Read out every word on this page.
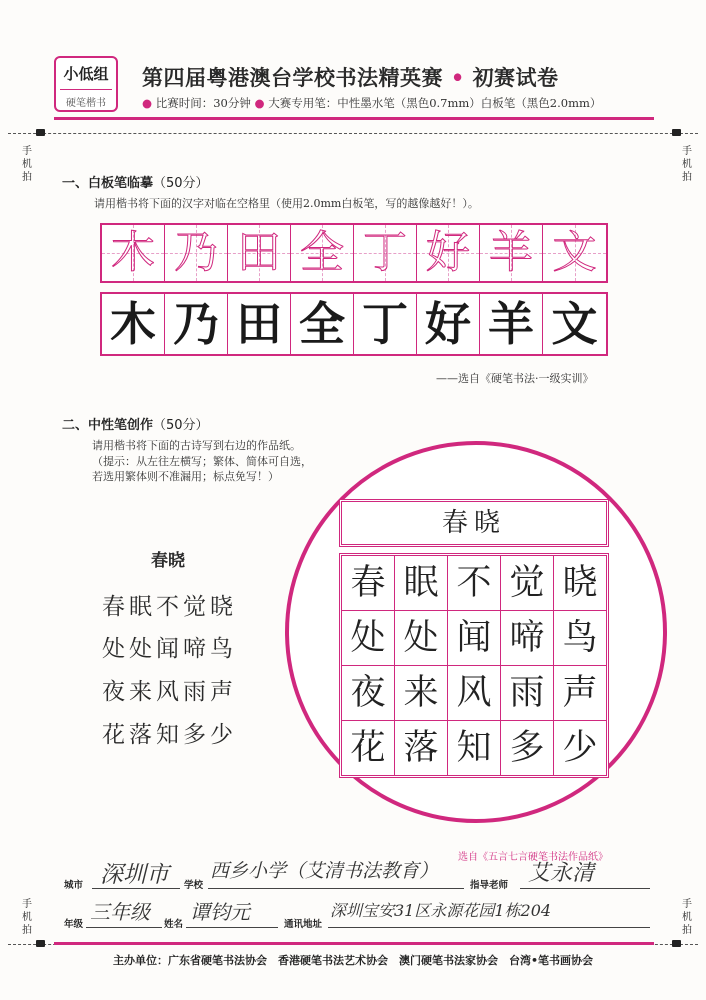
小低组
硬笔楷书
第四届粤港澳台学校书法精英赛 • 初赛试卷
● 比赛时间：30分钟 ● 大赛专用笔：中性墨水笔（黑色0.7mm）白板笔（黑色2.0mm）
手
机
拍
手
机
拍
手
机
拍
手
机
拍
一、白板笔临摹（50分）
请用楷书将下面的汉字对临在空格里（使用2.0mm白板笔，写的越像越好！）。
木 乃 田 全 丁 好 羊 文
木 乃 田 全 丁 好 羊 文
——选自《硬笔书法·一级实训》
二、中性笔创作（50分）
请用楷书将下面的古诗写到右边的作品纸。
（提示：从左往左横写；繁体、简体可自选，
若选用繁体则不准漏用；标点免写！）
春晓
春眠不觉晓
处处闻啼鸟
夜来风雨声
花落知多少
春晓
春 眠 不 觉 晓
处 处 闻 啼 鸟
夜 来 风 雨 声
花 落 知 多 少
选自《五言七言硬笔书法作品纸》
城市 深圳市 学校
西乡小学（艾清书法教育）
指导老师 艾永清
年级
三年级
姓名
谭钧元
通讯地址
深圳宝安31区永源花园1栋204
主办单位：广东省硬笔书法协会　香港硬笔书法艺术协会　澳门硬笔书法家协会　台湾•笔书画协会
